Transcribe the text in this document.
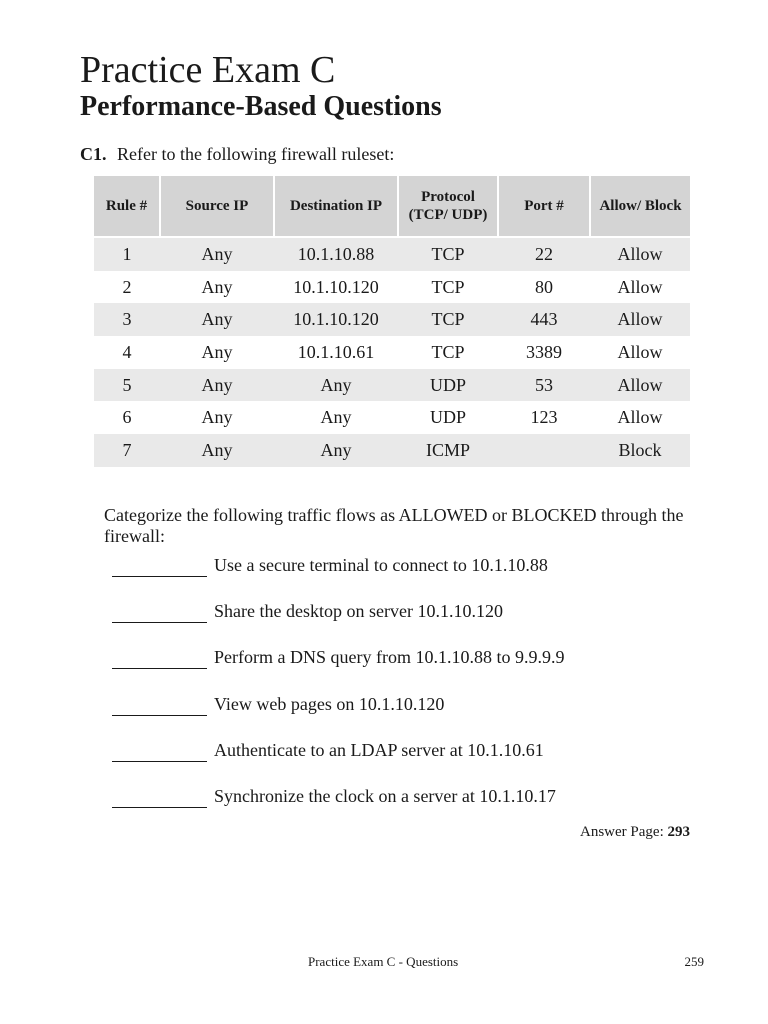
Practice Exam C
Performance-Based Questions
C1. Refer to the following firewall ruleset:
Rule #	Source IP	Destination IP	Protocol (TCP/ UDP)	Port #	Allow/ Block
1	Any	10.1.10.88	TCP	22	Allow
2	Any	10.1.10.120	TCP	80	Allow
3	Any	10.1.10.120	TCP	443	Allow
4	Any	10.1.10.61	TCP	3389	Allow
5	Any	Any	UDP	53	Allow
6	Any	Any	UDP	123	Allow
7	Any	Any	ICMP		Block
Categorize the following traffic flows as ALLOWED or BLOCKED through the firewall:
Use a secure terminal to connect to 10.1.10.88
Share the desktop on server 10.1.10.120
Perform a DNS query from 10.1.10.88 to 9.9.9.9
View web pages on 10.1.10.120
Authenticate to an LDAP server at 10.1.10.61
Synchronize the clock on a server at 10.1.10.17
Answer Page: 293
Practice Exam C - Questions	259
